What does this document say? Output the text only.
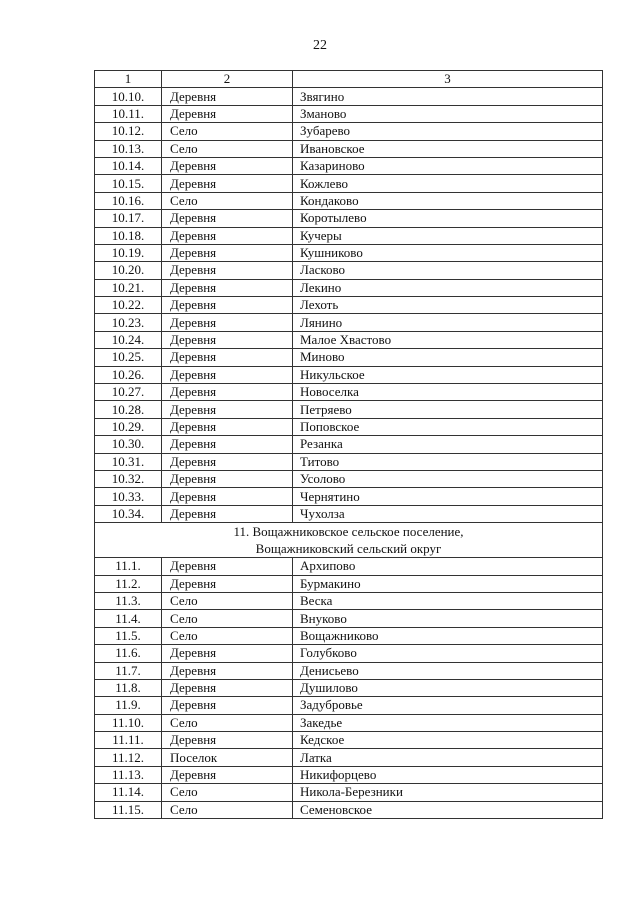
22
1	2	3
10.10.	Деревня	Звягино
10.11.	Деревня	Зманово
10.12.	Село	Зубарево
10.13.	Село	Ивановское
10.14.	Деревня	Казариново
10.15.	Деревня	Кожлево
10.16.	Село	Кондаково
10.17.	Деревня	Коротылево
10.18.	Деревня	Кучеры
10.19.	Деревня	Кушниково
10.20.	Деревня	Ласково
10.21.	Деревня	Лекино
10.22.	Деревня	Лехоть
10.23.	Деревня	Лянино
10.24.	Деревня	Малое Хвастово
10.25.	Деревня	Миново
10.26.	Деревня	Никульское
10.27.	Деревня	Новоселка
10.28.	Деревня	Петряево
10.29.	Деревня	Поповское
10.30.	Деревня	Резанка
10.31.	Деревня	Титово
10.32.	Деревня	Усолово
10.33.	Деревня	Чернятино
10.34.	Деревня	Чухолза

11. Вощажниковское сельское поселение,
Вощажниковский сельский округ		

11.1.	Деревня	Архипово
11.2.	Деревня	Бурмакино
11.3.	Село	Веска
11.4.	Село	Внуково
11.5.	Село	Вощажниково
11.6.	Деревня	Голубково
11.7.	Деревня	Денисьево
11.8.	Деревня	Душилово
11.9.	Деревня	Задубровье
11.10.	Село	Закедье
11.11.	Деревня	Кедское
11.12.	Поселок	Латка
11.13.	Деревня	Никифорцево
11.14.	Село	Никола-Березники
11.15.	Село	Семеновское
